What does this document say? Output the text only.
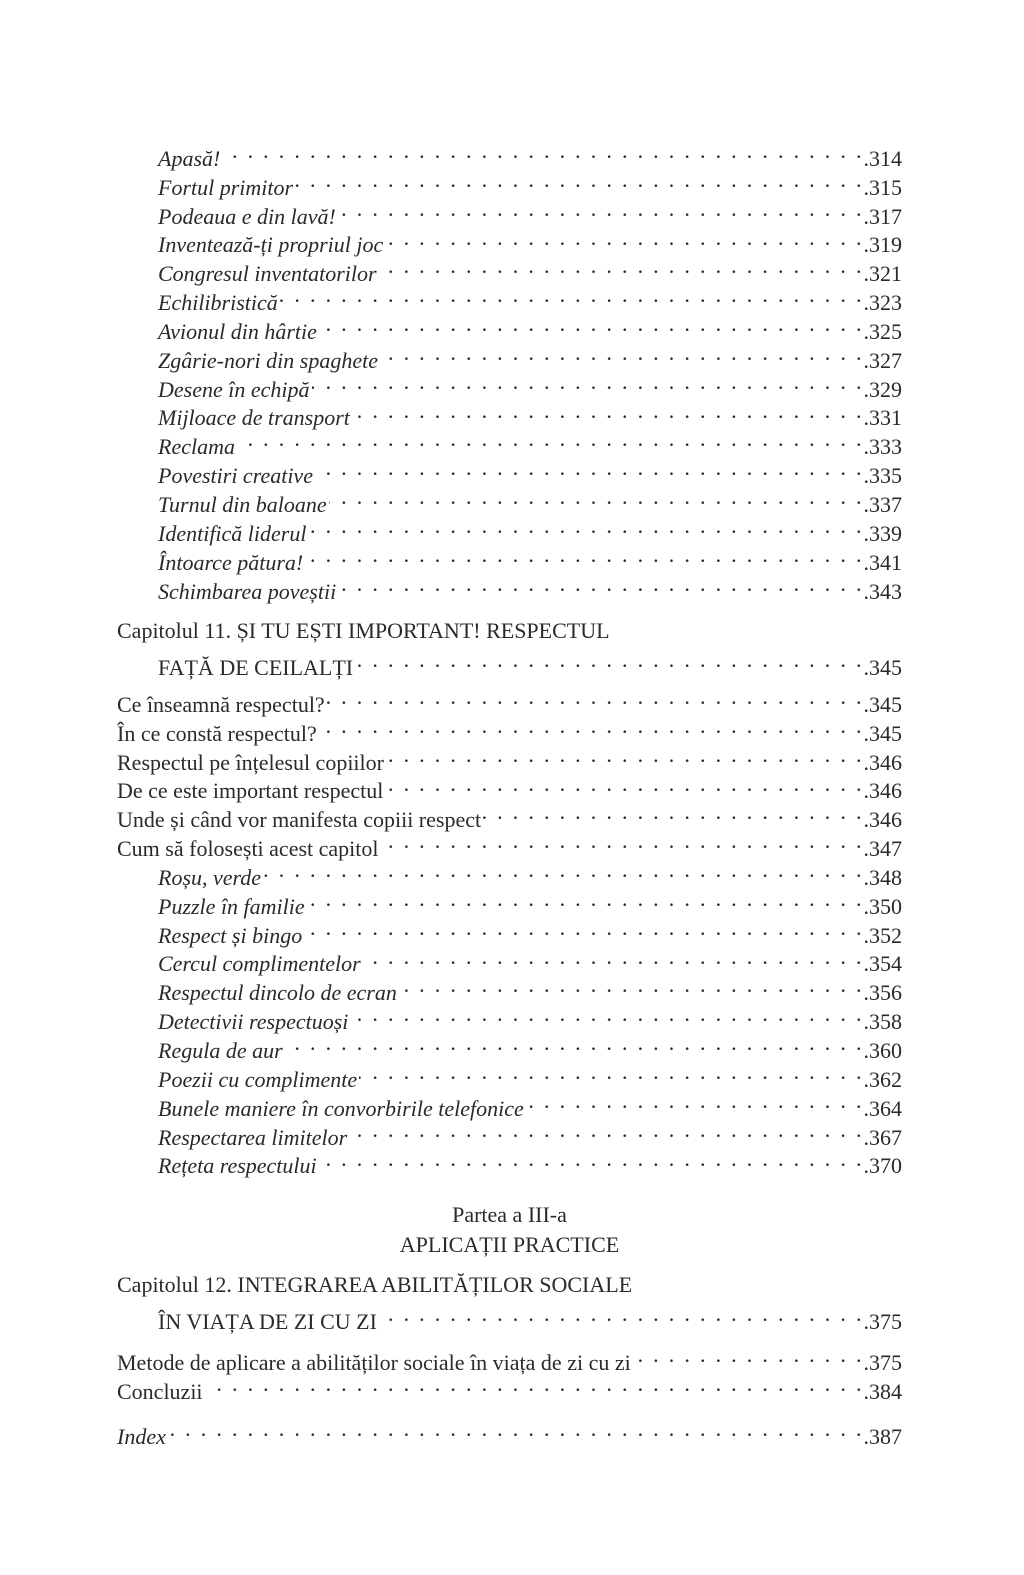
Apasă! . . .	.314
Fortul primitor . . .	.315
Podeaua e din lavă! . . .	.317
Inventează-ți propriul joc . . .	.319
Congresul inventatorilor . . .	.321
Echilibristică . . .	.323
Avionul din hârtie . . .	.325
Zgârie-nori din spaghete . . .	.327
Desene în echipă . . .	.329
Mijloace de transport . . .	.331
Reclama . . .	.333
Povestiri creative . . .	.335
Turnul din baloane . . .	.337
Identifică liderul . . .	.339
Întoarce pătura! . . .	.341
Schimbarea poveștii . . .	.343
Capitolul 11. ȘI TU EȘTI IMPORTANT! RESPECTUL
FAȚĂ DE CEILALȚI . . .	.345
Ce înseamnă respectul? . . .	.345
În ce constă respectul? . . .	.345
Respectul pe înțelesul copiilor . . .	.346
De ce este important respectul . . .	.346
Unde și când vor manifesta copiii respect . . .	.346
Cum să folosești acest capitol . . .	.347
Roșu, verde . . .	.348
Puzzle în familie . . .	.350
Respect și bingo . . .	.352
Cercul complimentelor . . .	.354
Respectul dincolo de ecran . . .	.356
Detectivii respectuoși . . .	.358
Regula de aur . . .	.360
Poezii cu complimente . . .	.362
Bunele maniere în convorbirile telefonice . . .	.364
Respectarea limitelor . . .	.367
Rețeta respectului . . .	.370
Partea a III-a
APLICAȚII PRACTICE
Capitolul 12. INTEGRAREA ABILITĂȚILOR SOCIALE
ÎN VIAȚA DE ZI CU ZI . . .	.375
Metode de aplicare a abilităților sociale în viața de zi cu zi . . .	.375
Concluzii . . .	.384
Index . . .	.387
